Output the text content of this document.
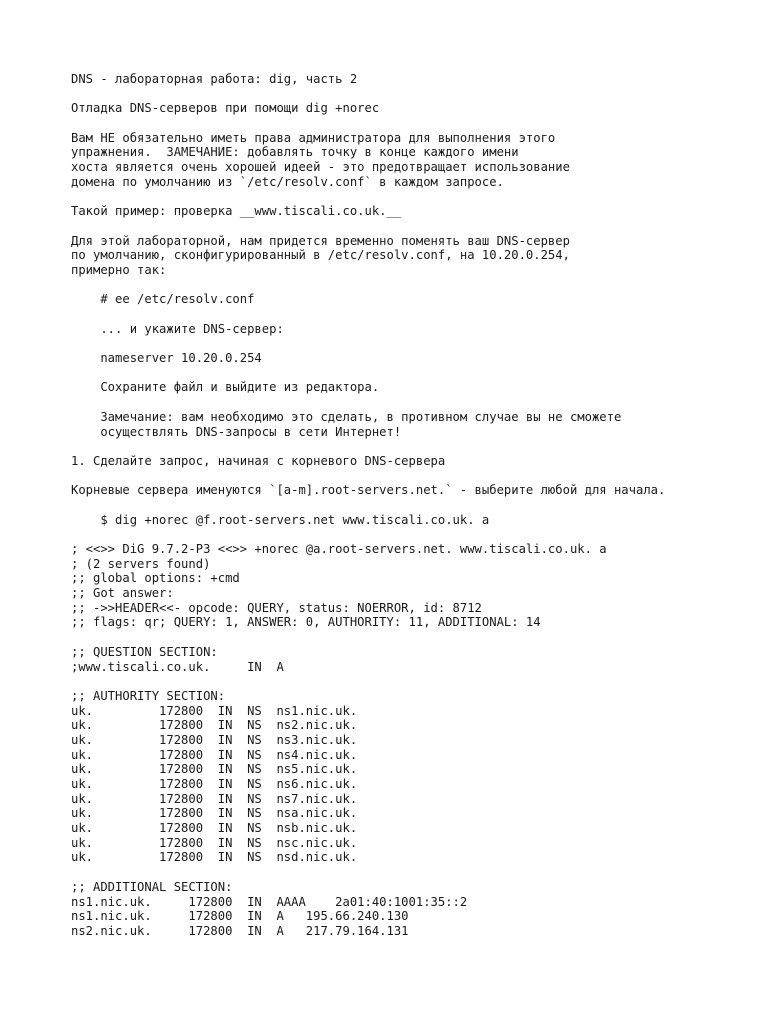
DNS - лабораторная работа: dig, часть 2
Отладка DNS-серверов при помощи dig +norec
Вам НЕ обязательно иметь права администратора для выполнения этого
упражнения.  ЗАМЕЧАНИЕ: добавлять точку в конце каждого имени
хоста является очень хорошей идеей - это предотвращает использование
домена по умолчанию из `/etc/resolv.conf` в каждом запросе.
Такой пример: проверка __www.tiscali.co.uk.__
Для этой лабораторной, нам придется временно поменять ваш DNS-сервер
по умолчанию, сконфигурированный в /etc/resolv.conf, на 10.20.0.254,
примерно так:
# ee /etc/resolv.conf
... и укажите DNS-сервер:
nameserver 10.20.0.254
Сохраните файл и выйдите из редактора.
Замечание: вам необходимо это сделать, в противном случае вы не сможете
осуществлять DNS-запросы в сети Интернет!
1. Сделайте запрос, начиная с корневого DNS-сервера
Корневые сервера именуются `[a-m].root-servers.net.` - выберите любой для начала.
$ dig +norec @f.root-servers.net www.tiscali.co.uk. a
; <<>> DiG 9.7.2-P3 <<>> +norec @a.root-servers.net. www.tiscali.co.uk. a
; (2 servers found)
;; global options: +cmd
;; Got answer:
;; ->>HEADER<<- opcode: QUERY, status: NOERROR, id: 8712
;; flags: qr; QUERY: 1, ANSWER: 0, AUTHORITY: 11, ADDITIONAL: 14
;; QUESTION SECTION:
;www.tiscali.co.uk.     IN  A
;; AUTHORITY SECTION:
uk.         172800  IN  NS  ns1.nic.uk.
uk.         172800  IN  NS  ns2.nic.uk.
uk.         172800  IN  NS  ns3.nic.uk.
uk.         172800  IN  NS  ns4.nic.uk.
uk.         172800  IN  NS  ns5.nic.uk.
uk.         172800  IN  NS  ns6.nic.uk.
uk.         172800  IN  NS  ns7.nic.uk.
uk.         172800  IN  NS  nsa.nic.uk.
uk.         172800  IN  NS  nsb.nic.uk.
uk.         172800  IN  NS  nsc.nic.uk.
uk.         172800  IN  NS  nsd.nic.uk.
;; ADDITIONAL SECTION:
ns1.nic.uk.     172800  IN  AAAA    2a01:40:1001:35::2
ns1.nic.uk.     172800  IN  A   195.66.240.130
ns2.nic.uk.     172800  IN  A   217.79.164.131
